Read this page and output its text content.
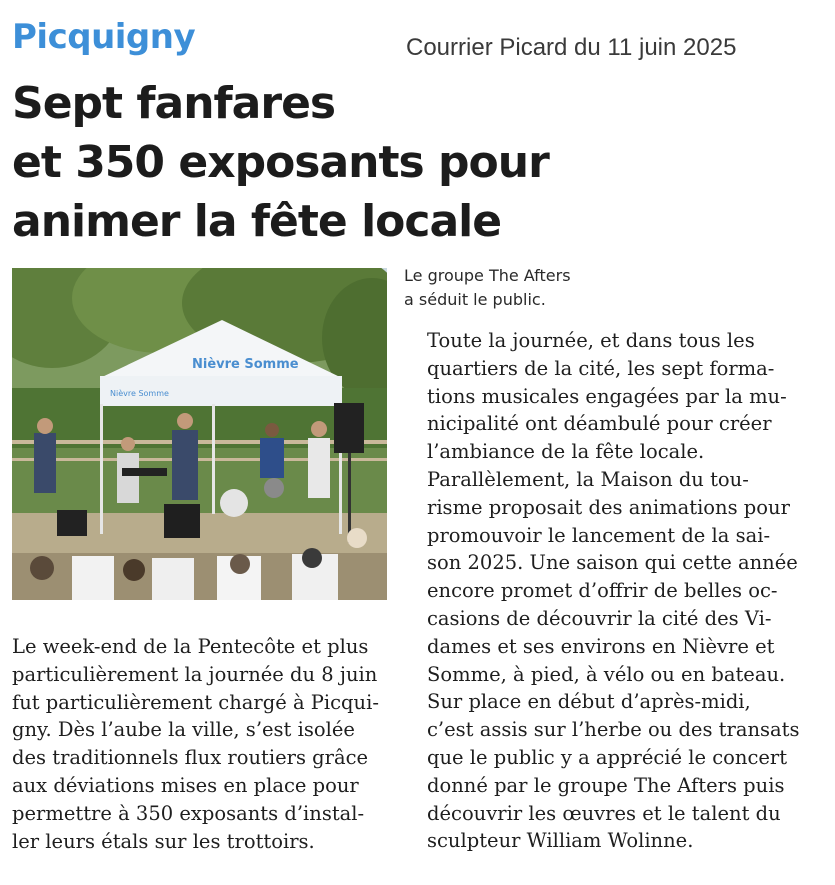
Picquigny	Courrier Picard du 11 juin 2025
Sept fanfares
et 350 exposants pour
animer la fête locale
Nièvre Somme
Nièvre Somme
Le groupe The Afters
a séduit le public.
Le week-end de la Pentecôte et plus
particulièrement la journée du 8 juin
fut particulièrement chargé à Picqui-
gny. Dès l’aube la ville, s’est isolée
des traditionnels flux routiers grâce
aux déviations mises en place pour
permettre à 350 exposants d’instal-
ler leurs étals sur les trottoirs.
Toute la journée, et dans tous les
quartiers de la cité, les sept forma-
tions musicales engagées par la mu-
nicipalité ont déambulé pour créer
l’ambiance de la fête locale.
Parallèlement, la Maison du tou-
risme proposait des animations pour
promouvoir le lancement de la sai-
son 2025. Une saison qui cette année
encore promet d’offrir de belles oc-
casions de découvrir la cité des Vi-
dames et ses environs en Nièvre et
Somme, à pied, à vélo ou en bateau.
Sur place en début d’après-midi,
c’est assis sur l’herbe ou des transats
que le public y a apprécié le concert
donné par le groupe The Afters puis
découvrir les œuvres et le talent du
sculpteur William Wolinne.
